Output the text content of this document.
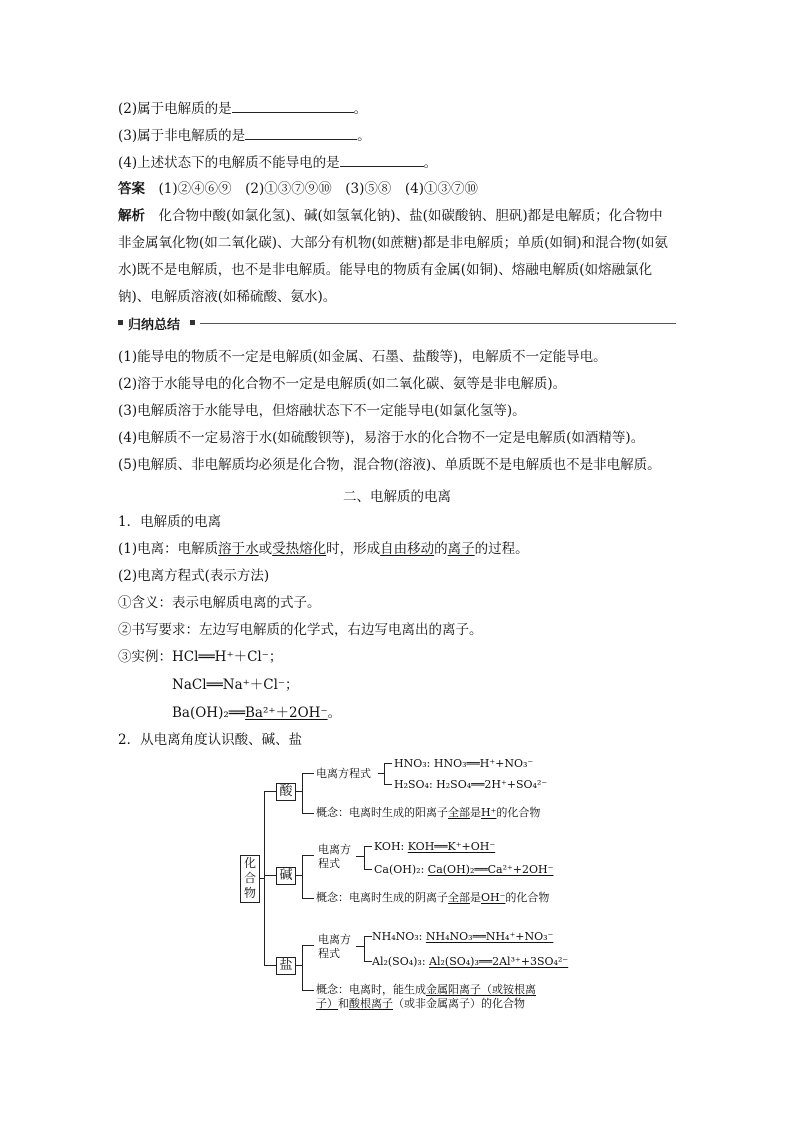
(2)属于电解质的是	。
(3)属于非电解质的是	。
(4)上述状态下的电解质不能导电的是	。
答案　 (1)②④⑥⑨　(2)①③⑦⑨⑩　(3)⑤⑧　(4)①③⑦⑩
解析　 化合物中酸(如氯化氢)、碱(如氢氧化钠)、盐(如碳酸钠、胆矾)都是电解质；化合物中
非金属氧化物(如二氧化碳)、大部分有机物(如蔗糖)都是非电解质；单质(如铜)和混合物(如氨
水)既不是电解质，也不是非电解质。能导电的物质有金属(如铜)、熔融电解质(如熔融氯化
钠)、电解质溶液(如稀硫酸、氨水)。
归纳总结
(1)能导电的物质不一定是电解质(如金属、石墨、盐酸等)，电解质不一定能导电。
(2)溶于水能导电的化合物不一定是电解质(如二氧化碳、氨等是非电解质)。
(3)电解质溶于水能导电，但熔融状态下不一定能导电(如氯化氢等)。
(4)电解质不一定易溶于水(如硫酸钡等)，易溶于水的化合物不一定是电解质(如酒精等)。
(5)电解质、非电解质均必须是化合物，混合物(溶液)、单质既不是电解质也不是非电解质。
二、电解质的电离
1．电解质的电离
(1)电离：电解质溶于水或受热熔化时，形成自由移动的离子的过程。
(2)电离方程式(表示方法)
①含义：表示电解质电离的式子。
②书写要求：左边写电解质的化学式，右边写电离出的离子。
③实例：HCl══H⁺＋Cl⁻；
NaCl══Na⁺＋Cl⁻；
Ba(OH)₂══Ba²⁺＋2OH⁻。
2．从电离角度认识酸、碱、盐
化
合
物
酸
电离方程式
HNO₃: HNO₃══H⁺+NO₃⁻
H₂SO₄: H₂SO₄══2H⁺+SO₄²⁻
概念：电离时生成的阳离子全部是H⁺的化合物
碱
电离方
程式
KOH: KOH══K⁺+OH⁻
Ca(OH)₂: Ca(OH)₂══Ca²⁺+2OH⁻
概念：电离时生成的阴离子全部是OH⁻的化合物
盐
电离方
程式
NH₄NO₃: NH₄NO₃══NH₄⁺+NO₃⁻
Al₂(SO₄)₃: Al₂(SO₄)₃══2Al³⁺+3SO₄²⁻
概念：电离时，能生成金属阳离子（或铵根离
子）和酸根离子（或非金属离子）的化合物
